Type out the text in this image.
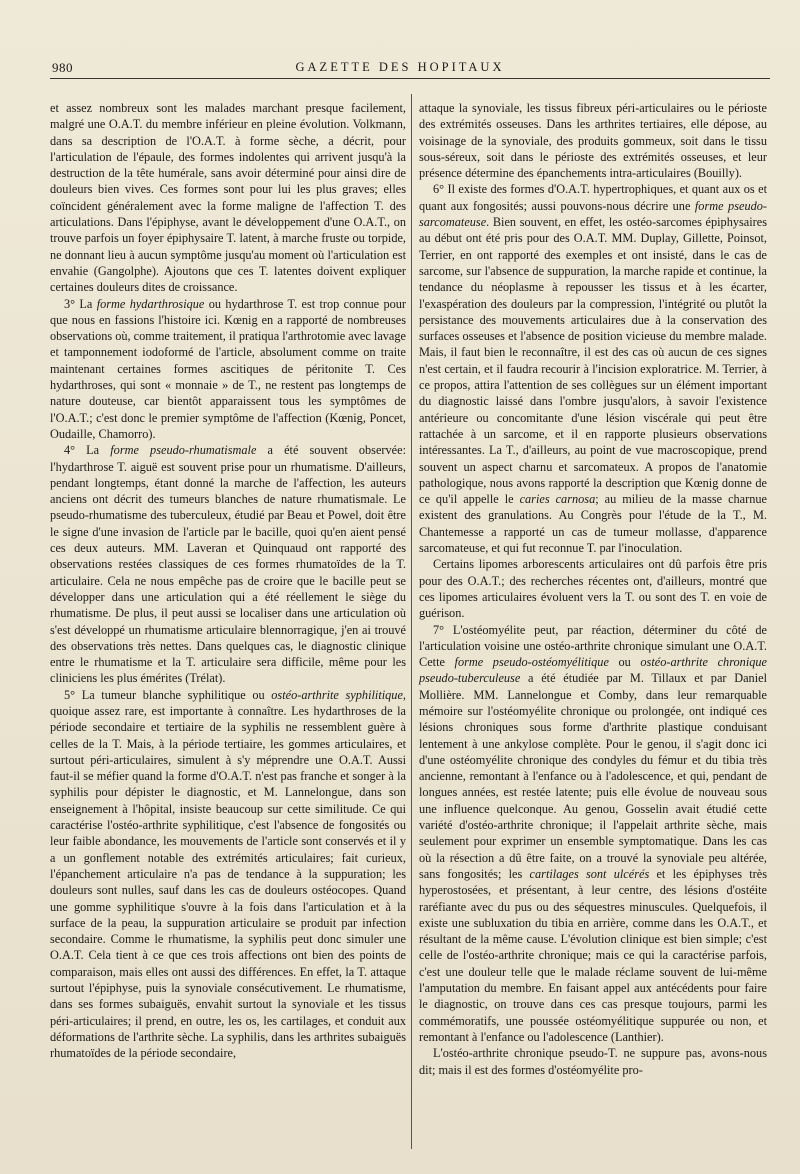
980	GAZETTE DES HOPITAUX

et assez nombreux sont les malades marchant presque facilement, malgré une O.A.T. du membre inférieur en pleine évolution. Volkmann, dans sa description de l'O.A.T. à forme sèche, a décrit, pour l'articulation de l'épaule, des formes indolentes qui arrivent jusqu'à la destruction de la tête humérale, sans avoir déterminé pour ainsi dire de douleurs bien vives. Ces formes sont pour lui les plus graves; elles coïncident généralement avec la forme maligne de l'affection T. des articulations. Dans l'épiphyse, avant le développement d'une O.A.T., on trouve parfois un foyer épiphysaire T. latent, à marche fruste ou torpide, ne donnant lieu à aucun symptôme jusqu'au moment où l'articulation est envahie (Gangolphe). Ajoutons que ces T. latentes doivent expliquer certaines douleurs dites de croissance.

3° La forme hydarthrosique ou hydarthrose T. est trop connue pour que nous en fassions l'histoire ici. Kœnig en a rapporté de nombreuses observations où, comme traitement, il pratiqua l'arthrotomie avec lavage et tamponnement iodoformé de l'article, absolument comme on traite maintenant certaines formes ascitiques de péritonite T. Ces hydarthroses, qui sont « monnaie » de T., ne restent pas longtemps de nature douteuse, car bientôt apparaissent tous les symptômes de l'O.A.T.; c'est donc le premier symptôme de l'affection (Kœnig, Poncet, Oudaille, Chamorro).

4° La forme pseudo-rhumatismale a été souvent observée: l'hydarthrose T. aiguë est souvent prise pour un rhumatisme. D'ailleurs, pendant longtemps, étant donné la marche de l'affection, les auteurs anciens ont décrit des tumeurs blanches de nature rhumatismale. Le pseudo-rhumatisme des tuberculeux, étudié par Beau et Powel, doit être le signe d'une invasion de l'article par le bacille, quoi qu'en aient pensé ces deux auteurs. MM. Laveran et Quinquaud ont rapporté des observations restées classiques de ces formes rhumatoïdes de la T. articulaire. Cela ne nous empêche pas de croire que le bacille peut se développer dans une articulation qui a été réellement le siège du rhumatisme. De plus, il peut aussi se localiser dans une articulation où s'est développé un rhumatisme articulaire blennorragique, j'en ai trouvé des observations très nettes. Dans quelques cas, le diagnostic clinique entre le rhumatisme et la T. articulaire sera difficile, même pour les cliniciens les plus émérites (Trélat).

5° La tumeur blanche syphilitique ou ostéo-arthrite syphilitique, quoique assez rare, est importante à connaître. Les hydarthroses de la période secondaire et tertiaire de la syphilis ne ressemblent guère à celles de la T. Mais, à la période tertiaire, les gommes articulaires, et surtout péri-articulaires, simulent à s'y méprendre une O.A.T. Aussi faut-il se méfier quand la forme d'O.A.T. n'est pas franche et songer à la syphilis pour dépister le diagnostic, et M. Lannelongue, dans son enseignement à l'hôpital, insiste beaucoup sur cette similitude. Ce qui caractérise l'ostéo-arthrite syphilitique, c'est l'absence de fongosités ou leur faible abondance, les mouvements de l'article sont conservés et il y a un gonflement notable des extrémités articulaires; fait curieux, l'épanchement articulaire n'a pas de tendance à la suppuration; les douleurs sont nulles, sauf dans les cas de douleurs ostéocopes. Quand une gomme syphilitique s'ouvre à la fois dans l'articulation et à la surface de la peau, la suppuration articulaire se produit par infection secondaire. Comme le rhumatisme, la syphilis peut donc simuler une O.A.T. Cela tient à ce que ces trois affections ont bien des points de comparaison, mais elles ont aussi des différences. En effet, la T. attaque surtout l'épiphyse, puis la synoviale consécutivement. Le rhumatisme, dans ses formes subaiguës, envahit surtout la synoviale et les tissus péri-articulaires; il prend, en outre, les os, les cartilages, et conduit aux déformations de l'arthrite sèche. La syphilis, dans les arthrites subaiguës rhumatoïdes de la période secondaire,

attaque la synoviale, les tissus fibreux péri-articulaires ou le périoste des extrémités osseuses. Dans les arthrites tertiaires, elle dépose, au voisinage de la synoviale, des produits gommeux, soit dans le tissu sous-séreux, soit dans le périoste des extrémités osseuses, et leur présence détermine des épanchements intra-articulaires (Bouilly).

6° Il existe des formes d'O.A.T. hypertrophiques, et quant aux os et quant aux fongosités; aussi pouvons-nous décrire une forme pseudo-sarcomateuse. Bien souvent, en effet, les ostéo-sarcomes épiphysaires au début ont été pris pour des O.A.T. MM. Duplay, Gillette, Poinsot, Terrier, en ont rapporté des exemples et ont insisté, dans le cas de sarcome, sur l'absence de suppuration, la marche rapide et continue, la tendance du néoplasme à repousser les tissus et à les écarter, l'exaspération des douleurs par la compression, l'intégrité ou plutôt la persistance des mouvements articulaires due à la conservation des surfaces osseuses et l'absence de position vicieuse du membre malade. Mais, il faut bien le reconnaître, il est des cas où aucun de ces signes n'est certain, et il faudra recourir à l'incision exploratrice. M. Terrier, à ce propos, attira l'attention de ses collègues sur un élément important du diagnostic laissé dans l'ombre jusqu'alors, à savoir l'existence antérieure ou concomitante d'une lésion viscérale qui peut être rattachée à un sarcome, et il en rapporte plusieurs observations intéressantes. La T., d'ailleurs, au point de vue macroscopique, prend souvent un aspect charnu et sarcomateux. A propos de l'anatomie pathologique, nous avons rapporté la description que Kœnig donne de ce qu'il appelle le caries carnosa; au milieu de la masse charnue existent des granulations. Au Congrès pour l'étude de la T., M. Chantemesse a rapporté un cas de tumeur mollasse, d'apparence sarcomateuse, et qui fut reconnue T. par l'inoculation.

Certains lipomes arborescents articulaires ont dû parfois être pris pour des O.A.T.; des recherches récentes ont, d'ailleurs, montré que ces lipomes articulaires évoluent vers la T. ou sont des T. en voie de guérison.

7° L'ostéomyélite peut, par réaction, déterminer du côté de l'articulation voisine une ostéo-arthrite chronique simulant une O.A.T. Cette forme pseudo-ostéomyélitique ou ostéo-arthrite chronique pseudo-tuberculeuse a été étudiée par M. Tillaux et par Daniel Mollière. MM. Lannelongue et Comby, dans leur remarquable mémoire sur l'ostéomyélite chronique ou prolongée, ont indiqué ces lésions chroniques sous forme d'arthrite plastique conduisant lentement à une ankylose complète. Pour le genou, il s'agit donc ici d'une ostéomyélite chronique des condyles du fémur et du tibia très ancienne, remontant à l'enfance ou à l'adolescence, et qui, pendant de longues années, est restée latente; puis elle évolue de nouveau sous une influence quelconque. Au genou, Gosselin avait étudié cette variété d'ostéo-arthrite chronique; il l'appelait arthrite sèche, mais seulement pour exprimer un ensemble symptomatique. Dans les cas où la résection a dû être faite, on a trouvé la synoviale peu altérée, sans fongosités; les cartilages sont ulcérés et les épiphyses très hyperostosées, et présentant, à leur centre, des lésions d'ostéite raréfiante avec du pus ou des séquestres minuscules. Quelquefois, il existe une subluxation du tibia en arrière, comme dans les O.A.T., et résultant de la même cause. L'évolution clinique est bien simple; c'est celle de l'ostéo-arthrite chronique; mais ce qui la caractérise parfois, c'est une douleur telle que le malade réclame souvent de lui-même l'amputation du membre. En faisant appel aux antécédents pour faire le diagnostic, on trouve dans ces cas presque toujours, parmi les commémoratifs, une poussée ostéomyélitique suppurée ou non, et remontant à l'enfance ou l'adolescence (Lanthier).

L'ostéo-arthrite chronique pseudo-T. ne suppure pas, avons-nous dit; mais il est des formes d'ostéomyélite pro-
